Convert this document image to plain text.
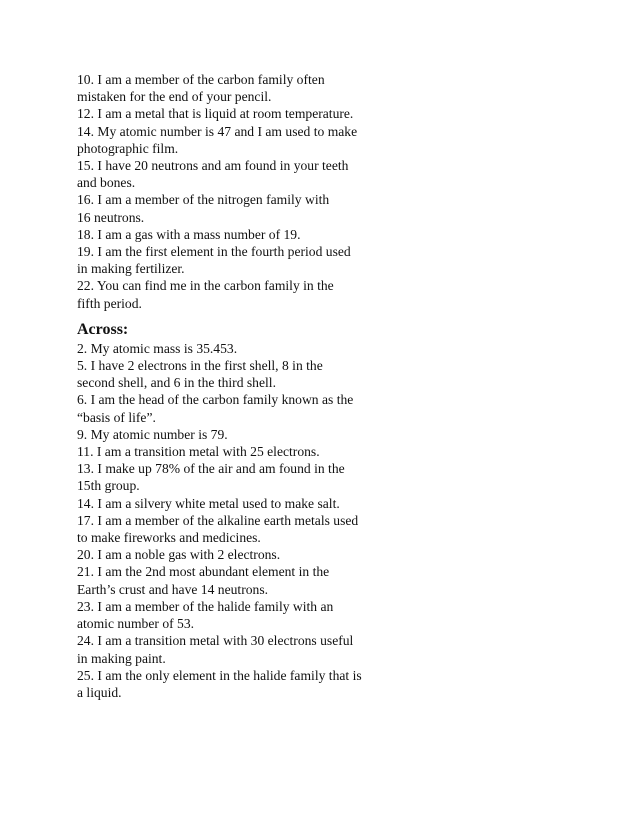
10. I am a member of the carbon family often
mistaken for the end of your pencil.

12. I am a metal that is liquid at room temperature.

14. My atomic number is 47 and I am used to make
photographic film.

15. I have 20 neutrons and am found in your teeth
and bones.

16. I am a member of the nitrogen family with
16 neutrons.

18. I am a gas with a mass number of 19.

19. I am the first element in the fourth period used
in making fertilizer.

22. You can find me in the carbon family in the
fifth period.

Across:

2. My atomic mass is 35.453.

5. I have 2 electrons in the first shell, 8 in the
second shell, and 6 in the third shell.

6. I am the head of the carbon family known as the
“basis of life”.

9. My atomic number is 79.

11. I am a transition metal with 25 electrons.

13. I make up 78% of the air and am found in the
15th group.

14. I am a silvery white metal used to make salt.

17. I am a member of the alkaline earth metals used
to make fireworks and medicines.

20. I am a noble gas with 2 electrons.

21. I am the 2nd most abundant element in the
Earth’s crust and have 14 neutrons.

23. I am a member of the halide family with an
atomic number of 53.

24. I am a transition metal with 30 electrons useful
in making paint.

25. I am the only element in the halide family that is
a liquid.
